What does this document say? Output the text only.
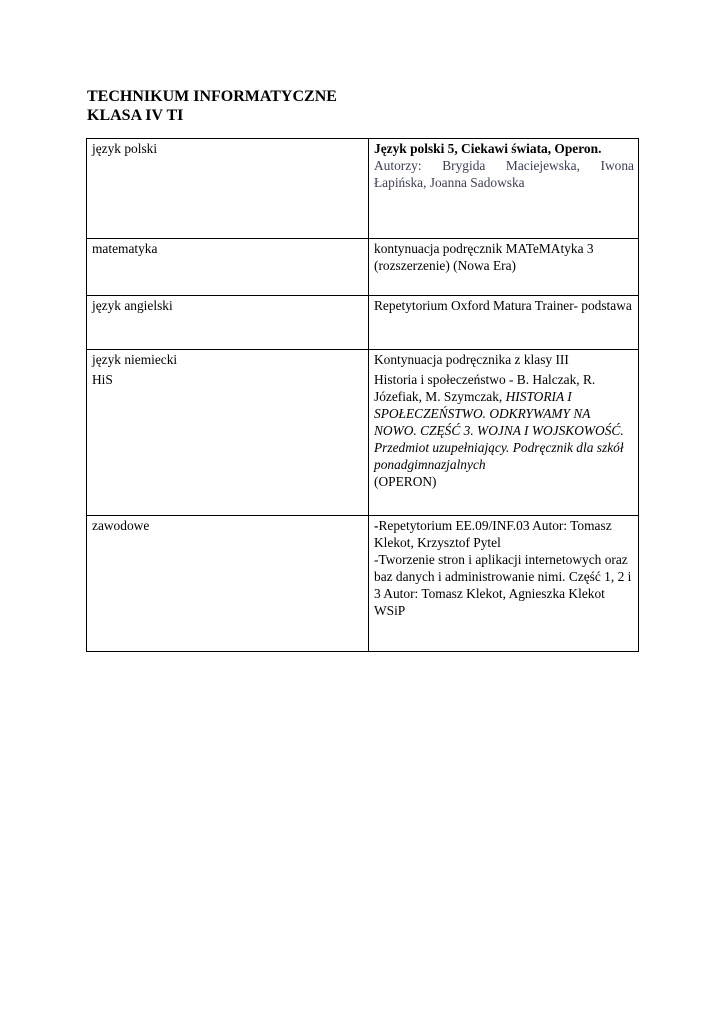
TECHNIKUM INFORMATYCZNE
KLASA IV TI
język polski	Język polski 5, Ciekawi świata, Operon.
Autorzy: Brygida Maciejewska, Iwona Łapińska, Joanna Sadowska

matematyka	kontynuacja podręcznik MATeMAtyka 3 (rozszerzenie) (Nowa Era)
język angielski	Repetytorium Oxford Matura Trainer- podstawa
język niemiecki	Kontynuacja podręcznika z klasy III
HiS	Historia i społeczeństwo - B. Halczak, R. Józefiak, M. Szymczak, HISTORIA I SPOŁECZEŃSTWO. ODKRYWAMY NA NOWO. CZĘŚĆ 3. WOJNA I WOJSKOWOŚĆ. Przedmiot uzupełniający. Podręcznik dla szkół ponadgimnazjalnych
(OPERON)

zawodowe	-Repetytorium EE.09/INF.03 Autor: Tomasz Klekot, Krzysztof Pytel
-Tworzenie stron i aplikacji internetowych oraz baz danych i administrowanie nimi. Część 1, 2 i 3 Autor: Tomasz Klekot, Agnieszka Klekot
WSiP
